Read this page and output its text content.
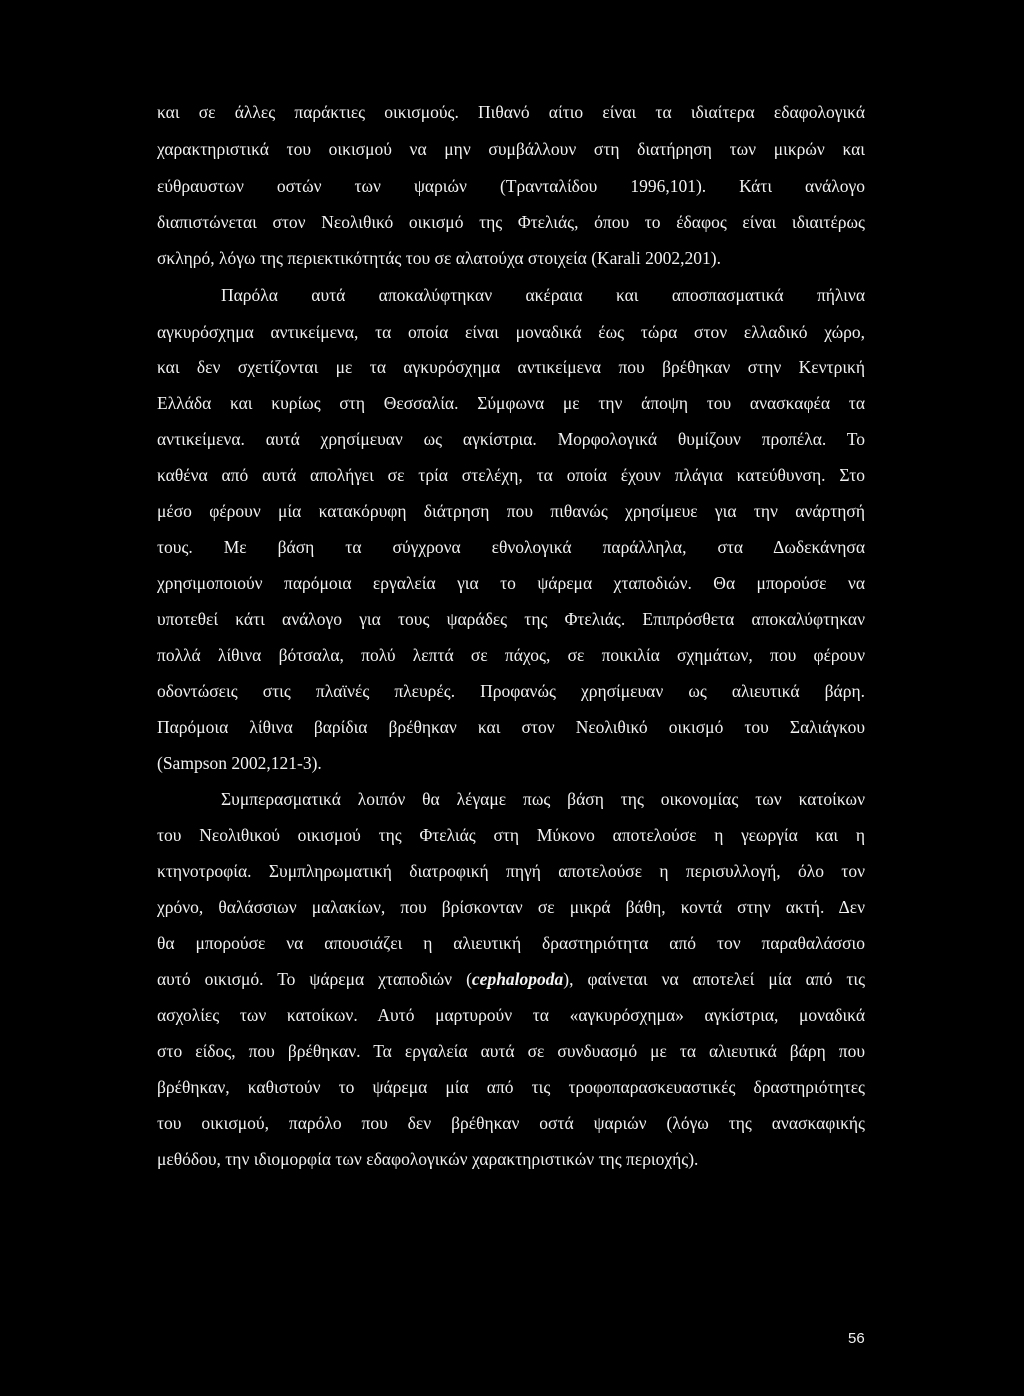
και σε άλλες παράκτιες οικισμούς. Πιθανό αίτιο είναι τα ιδιαίτερα εδαφολογικά
χαρακτηριστικά του οικισμού να μην συμβάλλουν στη διατήρηση των μικρών και
εύθραυστων οστών των ψαριών (Τρανταλίδου 1996,101). Κάτι ανάλογο
διαπιστώνεται στον Νεολιθικό οικισμό της Φτελιάς, όπου το έδαφος είναι ιδιαιτέρως
σκληρό, λόγω της περιεκτικότητάς του σε αλατούχα στοιχεία (Karali 2002,201).
Παρόλα αυτά αποκαλύφτηκαν ακέραια και αποσπασματικά πήλινα
αγκυρόσχημα αντικείμενα, τα οποία είναι μοναδικά έως τώρα στον ελλαδικό χώρο,
και δεν σχετίζονται με τα αγκυρόσχημα αντικείμενα που βρέθηκαν στην Κεντρική
Ελλάδα και κυρίως στη Θεσσαλία. Σύμφωνα με την άποψη του ανασκαφέα τα
αντικείμενα. αυτά χρησίμευαν ως αγκίστρια. Μορφολογικά θυμίζουν προπέλα. Το
καθένα από αυτά απολήγει σε τρία στελέχη, τα οποία έχουν πλάγια κατεύθυνση. Στο
μέσο φέρουν μία κατακόρυφη διάτρηση που πιθανώς χρησίμευε για την ανάρτησή
τους. Με βάση τα σύγχρονα εθνολογικά παράλληλα, στα Δωδεκάνησα
χρησιμοποιούν παρόμοια εργαλεία για το ψάρεμα χταποδιών. Θα μπορούσε να
υποτεθεί κάτι ανάλογο για τους ψαράδες της Φτελιάς. Επιπρόσθετα αποκαλύφτηκαν
πολλά λίθινα βότσαλα, πολύ λεπτά σε πάχος, σε ποικιλία σχημάτων, που φέρουν
οδοντώσεις στις πλαϊνές πλευρές. Προφανώς χρησίμευαν ως αλιευτικά βάρη.
Παρόμοια λίθινα βαρίδια βρέθηκαν και στον Νεολιθικό οικισμό του Σαλιάγκου
(Sampson 2002,121-3).
Συμπερασματικά λοιπόν θα λέγαμε πως βάση της οικονομίας των κατοίκων
του Νεολιθικού οικισμού της Φτελιάς στη Μύκονο αποτελούσε η γεωργία και η
κτηνοτροφία. Συμπληρωματική διατροφική πηγή αποτελούσε η περισυλλογή, όλο τον
χρόνο, θαλάσσιων μαλακίων, που βρίσκονταν σε μικρά βάθη, κοντά στην ακτή. Δεν
θα μπορούσε να απουσιάζει η αλιευτική δραστηριότητα από τον παραθαλάσσιο
αυτό οικισμό. Το ψάρεμα χταποδιών (cephalopoda), φαίνεται να αποτελεί μία από τις
ασχολίες των κατοίκων. Αυτό μαρτυρούν τα «αγκυρόσχημα» αγκίστρια, μοναδικά
στο είδος, που βρέθηκαν. Τα εργαλεία αυτά σε συνδυασμό με τα αλιευτικά βάρη που
βρέθηκαν, καθιστούν το ψάρεμα μία από τις τροφοπαρασκευαστικές δραστηριότητες
του οικισμού, παρόλο που δεν βρέθηκαν οστά ψαριών (λόγω της ανασκαφικής
μεθόδου, την ιδιομορφία των εδαφολογικών χαρακτηριστικών της περιοχής).
56
